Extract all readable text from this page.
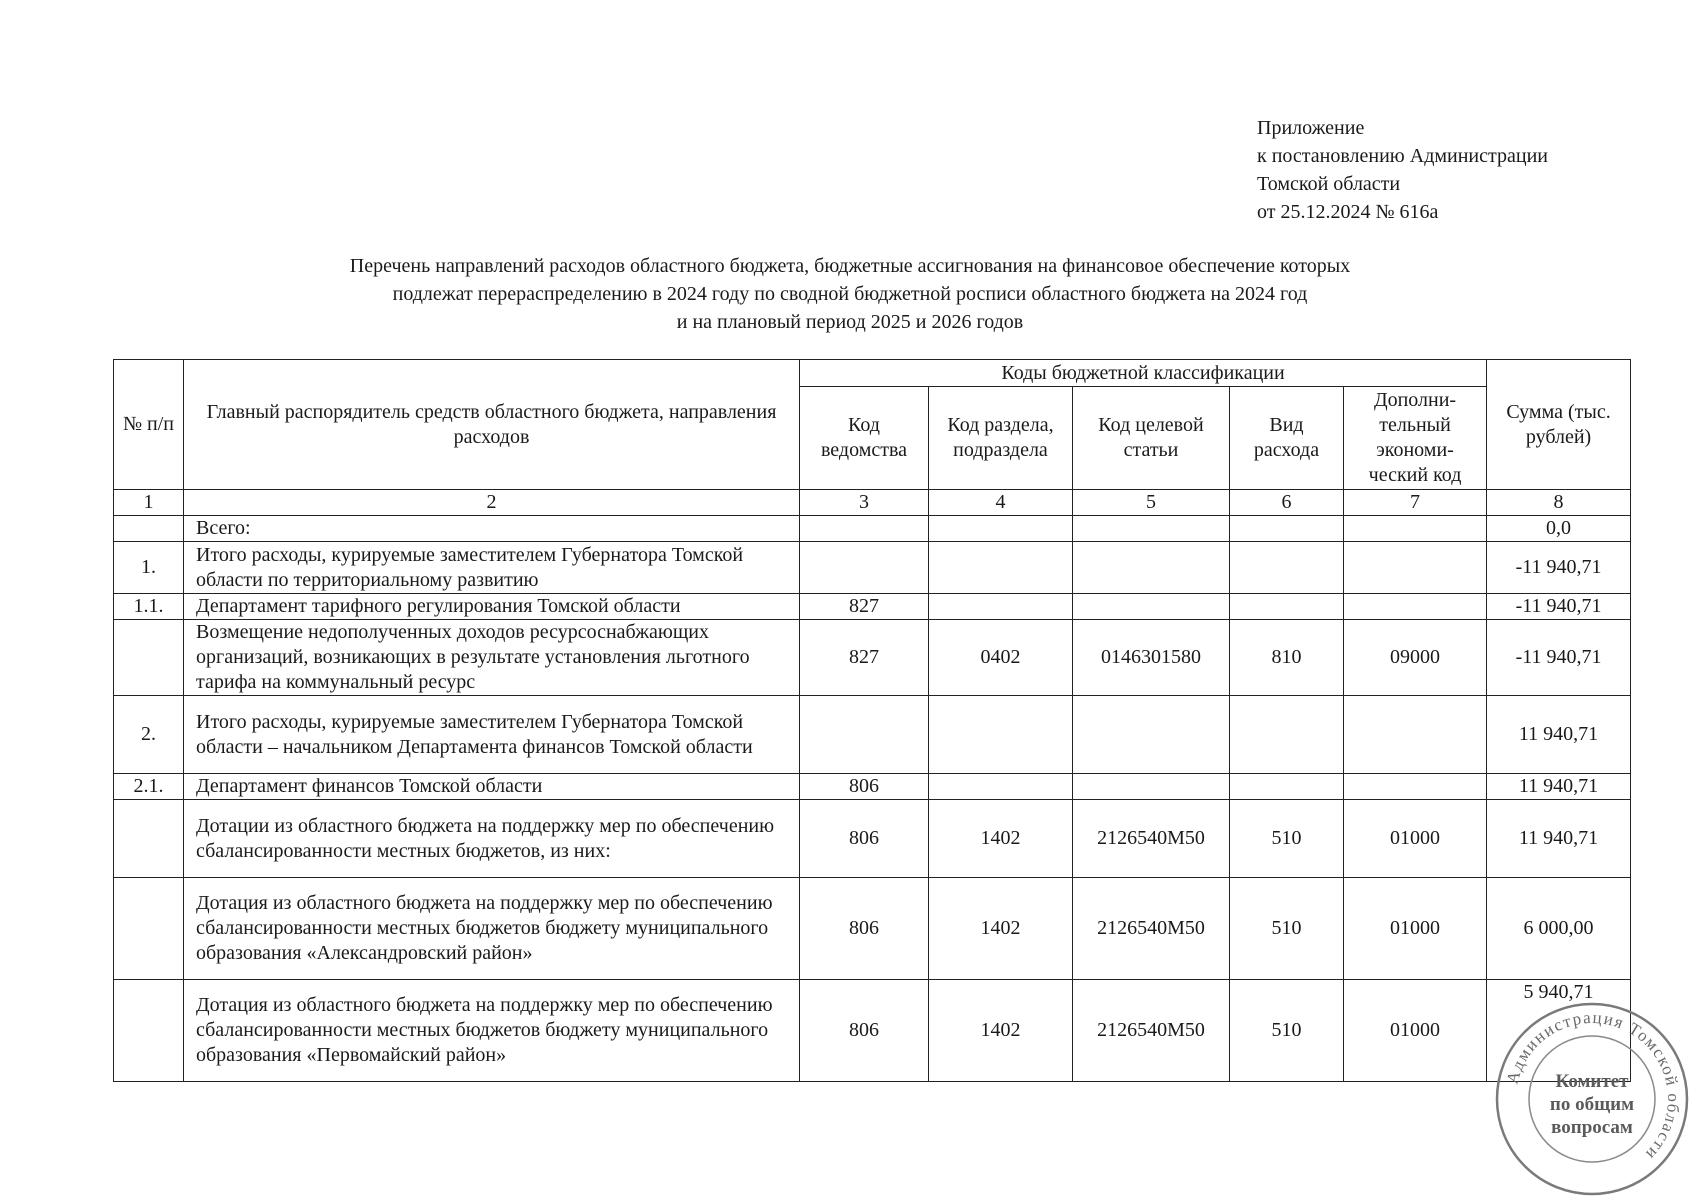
Приложение
к постановлению Администрации
Томской области
от 25.12.2024 № 616а
Перечень направлений расходов областного бюджета, бюджетные ассигнования на финансовое обеспечение которых
подлежат перераспределению в 2024 году по сводной бюджетной росписи областного бюджета на 2024 год
и на плановый период 2025 и 2026 годов
№ п/п	Главный распорядитель средств областного бюджета, направления расходов	Коды бюджетной классификации					Сумма (тыс. рублей)
		Код ведомства	Код раздела, подраздела	Код целевой статьи	Вид расхода	Дополни-тельный экономи-ческий код	
1	2	3	4	5	6	7	8
	Всего:						0,0
1.	Итого расходы, курируемые заместителем Губернатора Томской области по территориальному развитию						-11 940,71
1.1.	Департамент тарифного регулирования Томской области	827					-11 940,71
	Возмещение недополученных доходов ресурсоснабжающих организаций, возникающих в результате установления льготного тарифа на коммунальный ресурс	827	0402	0146301580	810	09000	-11 940,71
2.	Итого расходы, курируемые заместителем Губернатора Томской области – начальником Департамента финансов Томской области						11 940,71
2.1.	Департамент финансов Томской области	806					11 940,71
	Дотации из областного бюджета на поддержку мер по обеспечению сбалансированности местных бюджетов, из них:	806	1402	2126540М50	510	01000	11 940,71
	Дотация из областного бюджета на поддержку мер по обеспечению сбалансированности местных бюджетов бюджету муниципального образования «Александровский район»	806	1402	2126540М50	510	01000	6 000,00
	Дотация из областного бюджета на поддержку мер по обеспечению сбалансированности местных бюджетов бюджету муниципального образования «Первомайский район»	806	1402	2126540М50	510	01000	5 940,71
Администрация Томской области
Комитет
по общим
вопросам
